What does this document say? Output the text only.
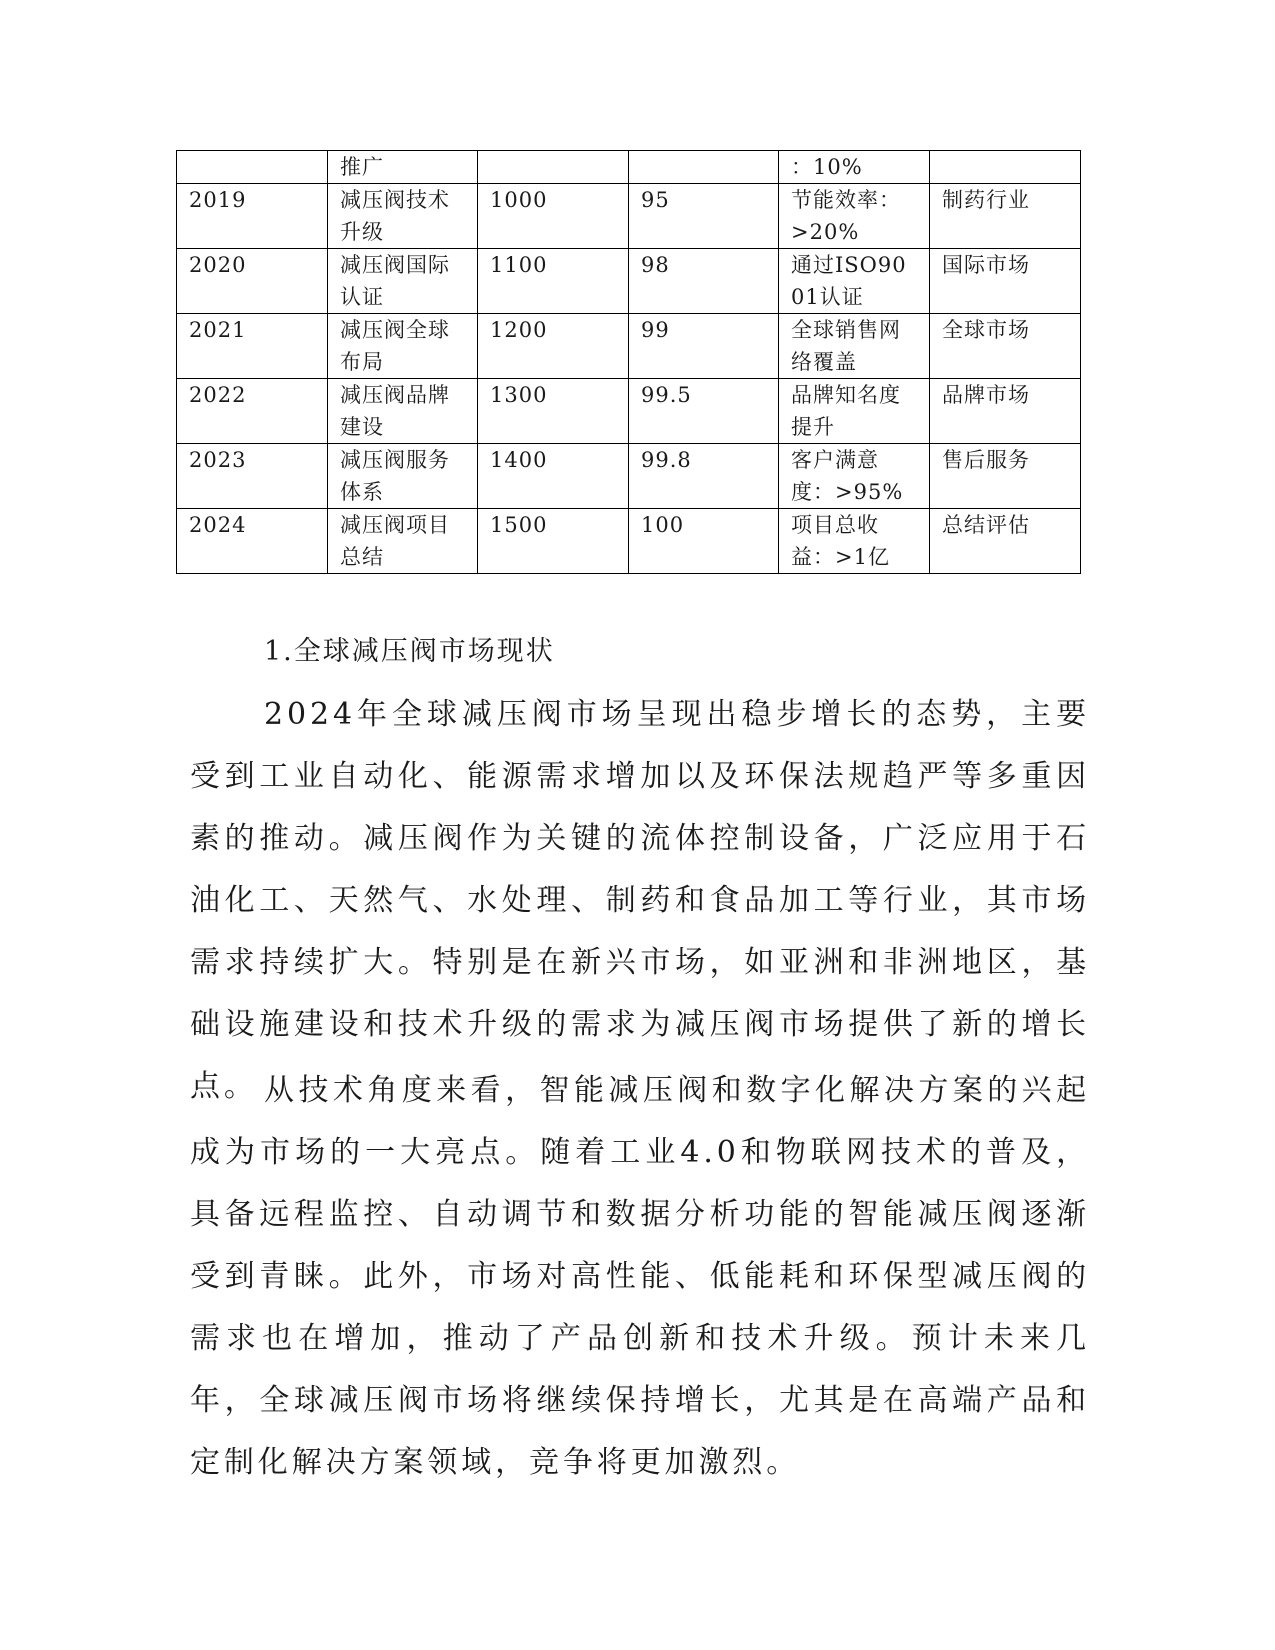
	推广			：10%	
2019	减压阀技术升级	1000	95	节能效率：>20%	制药行业
2020	减压阀国际认证	1100	98	通过ISO9001认证	国际市场
2021	减压阀全球布局	1200	99	全球销售网络覆盖	全球市场
2022	减压阀品牌建设	1300	99.5	品牌知名度提升	品牌市场
2023	减压阀服务体系	1400	99.8	客户满意度：>95%	售后服务
2024	减压阀项目总结	1500	100	项目总收益：>1亿	总结评估
1.全球减压阀市场现状

2024年全球减压阀市场呈现出稳步增长的态势，主要受到工业自动化、能源需求增加以及环保法规趋严等多重因素的推动。减压阀作为关键的流体控制设备，广泛应用于石油化工、天然气、水处理、制药和食品加工等行业，其市场需求持续扩大。特别是在新兴市场，如亚洲和非洲地区，基础设施建设和技术升级的需求为减压阀市场提供了新的增长点。 从技术角度来看，智能减压阀和数字化解决方案的兴起成为市场的一大亮点。随着工业4.0和物联网技术的普及，具备远程监控、自动调节和数据分析功能的智能减压阀逐渐受到青睐。此外，市场对高性能、低能耗和环保型减压阀的需求也在增加，推动了产品创新和技术升级。预计未来几年，全球减压阀市场将继续保持增长，尤其是在高端产品和定制化解决方案领域，竞争将更加激烈。
